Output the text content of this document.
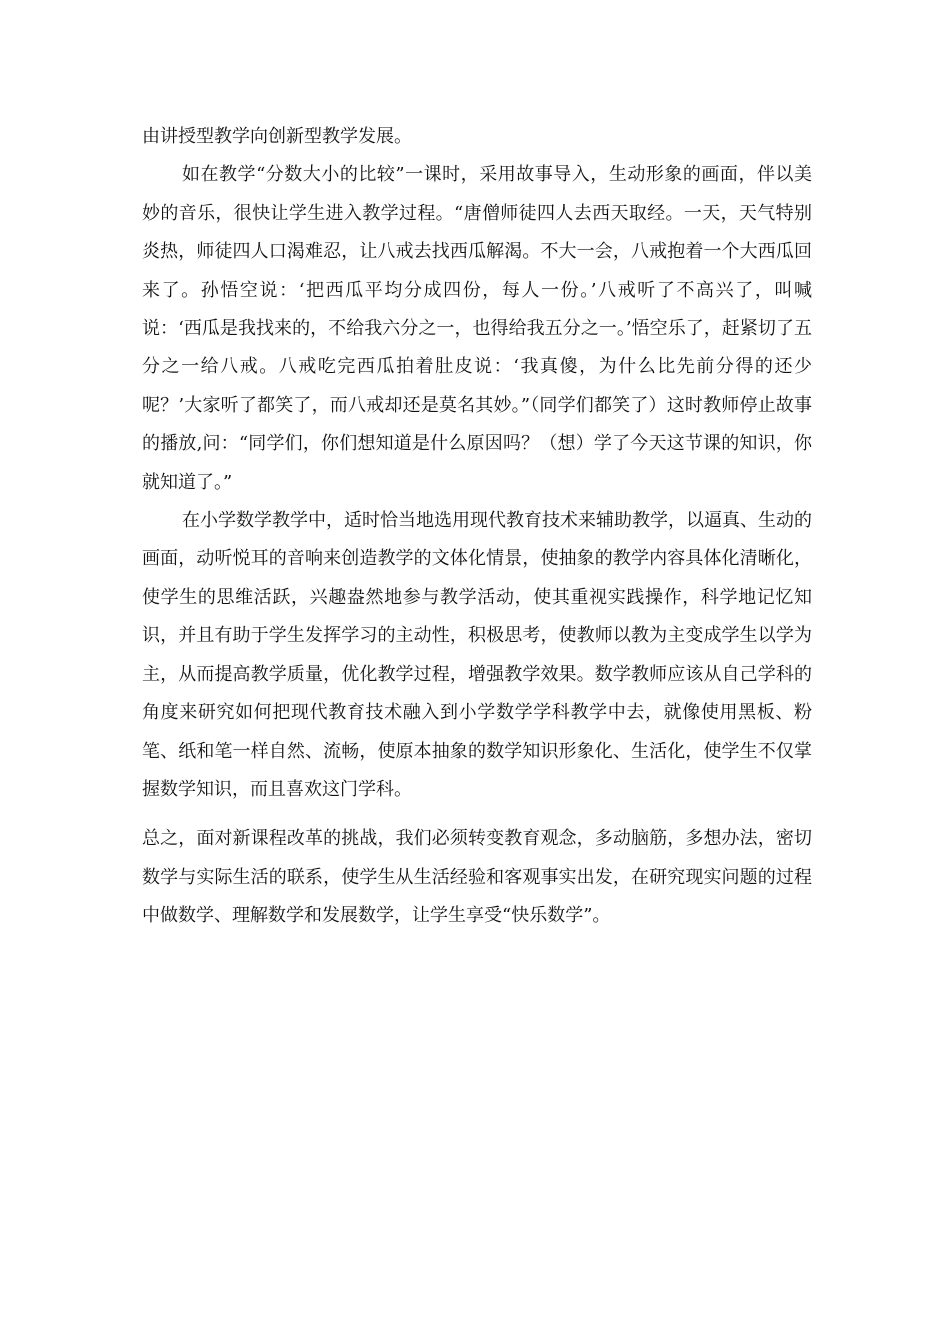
由讲授型教学向创新型教学发展。

如在教学“分数大小的比较”一课时，采用故事导入，生动形象的画面，伴以美妙的音乐，很快让学生进入教学过程。“唐僧师徒四人去西天取经。一天，天气特别炎热，师徒四人口渴难忍，让八戒去找西瓜解渴。不大一会，八戒抱着一个大西瓜回来了。孙悟空说：‘把西瓜平均分成四份，每人一份。’八戒听了不高兴了，叫喊说：‘西瓜是我找来的，不给我六分之一，也得给我五分之一。’悟空乐了，赶紧切了五分之一给八戒。八戒吃完西瓜拍着肚皮说：‘我真傻，为什么比先前分得的还少呢？’大家听了都笑了，而八戒却还是莫名其妙。”（同学们都笑了）这时教师停止故事的播放,问：“同学们，你们想知道是什么原因吗？（想）学了今天这节课的知识，你就知道了。”

在小学数学教学中，适时恰当地选用现代教育技术来辅助教学，以逼真、生动的画面，动听悦耳的音响来创造教学的文体化情景，使抽象的教学内容具体化清晰化，使学生的思维活跃，兴趣盎然地参与教学活动，使其重视实践操作，科学地记忆知识，并且有助于学生发挥学习的主动性，积极思考，使教师以教为主变成学生以学为主，从而提高教学质量，优化教学过程，增强教学效果。数学教师应该从自己学科的角度来研究如何把现代教育技术融入到小学数学学科教学中去，就像使用黑板、粉笔、纸和笔一样自然、流畅，使原本抽象的数学知识形象化、生活化，使学生不仅掌握数学知识，而且喜欢这门学科。

总之，面对新课程改革的挑战，我们必须转变教育观念，多动脑筋，多想办法，密切数学与实际生活的联系，使学生从生活经验和客观事实出发，在研究现实问题的过程中做数学、理解数学和发展数学，让学生享受“快乐数学”。
